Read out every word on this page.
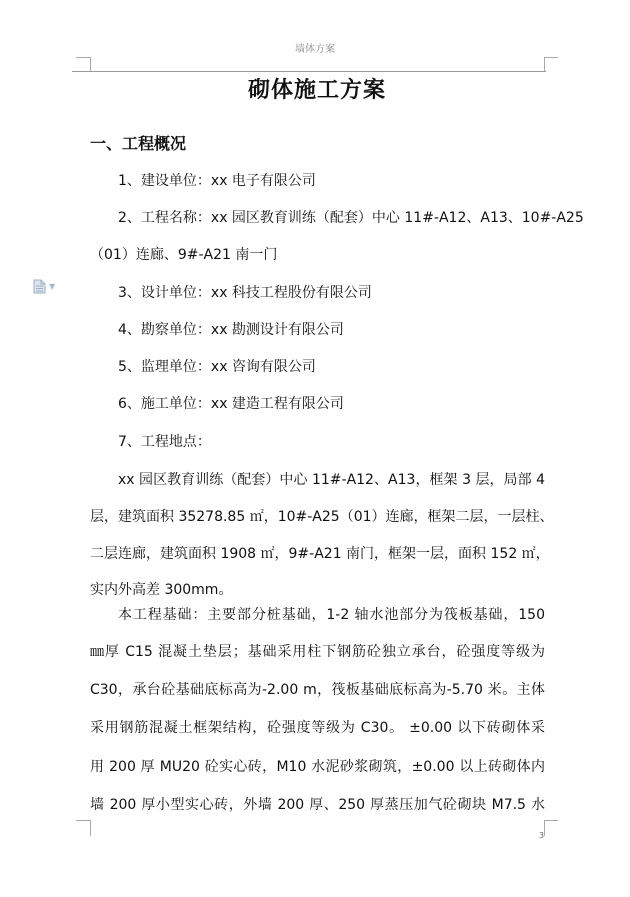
墙体方案
▼
砌体施工方案
一、工程概况
1、建设单位：xx 电子有限公司
2、工程名称：xx 园区教育训练（配套）中心 11#-A12、A13、10#-A25
（01）连廊、9#-A21 南一门
3、设计单位：xx 科技工程股份有限公司
4、勘察单位：xx 勘测设计有限公司
5、监理单位：xx 咨询有限公司
6、施工单位：xx 建造工程有限公司
7、工程地点：
xx 园区教育训练（配套）中心 11#-A12、A13，框架 3 层，局部 4
层，建筑面积 35278.85 ㎡，10#-A25（01）连廊，框架二层，一层柱、
二层连廊，建筑面积 1908 ㎡，9#-A21 南门，框架一层，面积 152 ㎡，
实内外高差 300mm。
本工程基础：主要部分桩基础，1-2 轴水池部分为筏板基础，150
㎜厚 C15 混凝土垫层；基础采用柱下钢筋砼独立承台，砼强度等级为
C30，承台砼基础底标高为-2.00 m，筏板基础底标高为-5.70 米。主体
采用钢筋混凝土框架结构，砼强度等级为 C30。 ±0.00 以下砖砌体采
用 200 厚 MU20 砼实心砖，M10 水泥砂浆砌筑，±0.00 以上砖砌体内
墙 200 厚小型实心砖，外墙 200 厚、250 厚蒸压加气砼砌块 M7.5 水
3
